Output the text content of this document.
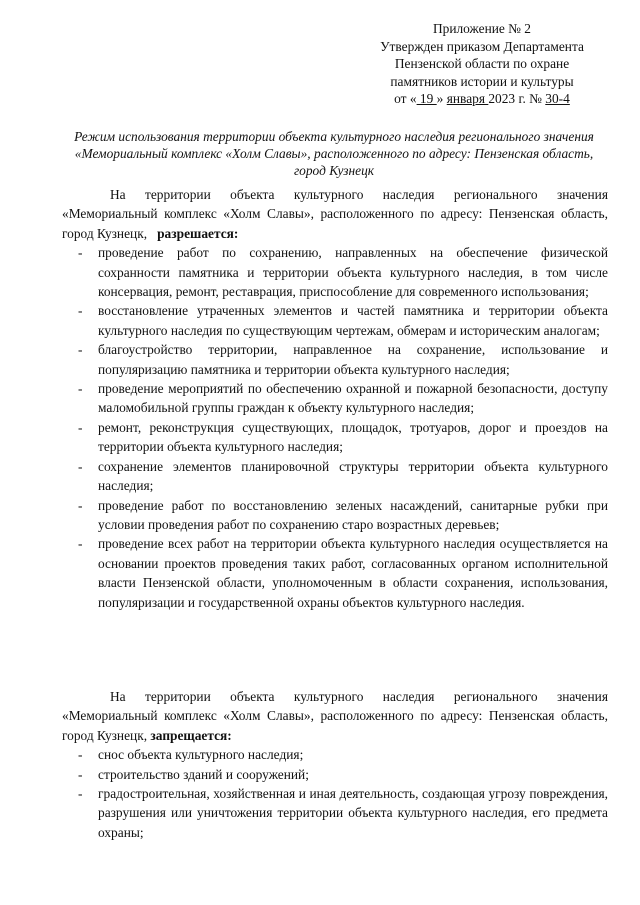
Приложение № 2
Утвержден приказом Департамента
Пензенской области по охране
памятников истории и культуры
от « 19 » января 2023 г. № 30-4
Режим использования территории объекта культурного наследия регионального значения «Мемориальный комплекс «Холм Славы», расположенного по адресу: Пензенская область, город Кузнецк

На территории объекта культурного наследия регионального значения «Мемориальный комплекс «Холм Славы», расположенного по адресу: Пензенская область, город Кузнецк, разрешается:

- проведение работ по сохранению, направленных на обеспечение физической сохранности памятника и территории объекта культурного наследия, в том числе консервация, ремонт, реставрация, приспособление для современного использования;
- восстановление утраченных элементов и частей памятника и территории объекта культурного наследия по существующим чертежам, обмерам и историческим аналогам;
- благоустройство территории, направленное на сохранение, использование и популяризацию памятника и территории объекта культурного наследия;
- проведение мероприятий по обеспечению охранной и пожарной безопасности, доступу маломобильной группы граждан к объекту культурного наследия;
- ремонт, реконструкция существующих, площадок, тротуаров, дорог и проездов на территории объекта культурного наследия;
- сохранение элементов планировочной структуры территории объекта культурного наследия;
- проведение работ по восстановлению зеленых насаждений, санитарные рубки при условии проведения работ по сохранению старо возрастных деревьев;
- проведение всех работ на территории объекта культурного наследия осуществляется на основании проектов проведения таких работ, согласованных органом исполнительной власти Пензенской области, уполномоченным в области сохранения, использования, популяризации и государственной охраны объектов культурного наследия.

На территории объекта культурного наследия регионального значения «Мемориальный комплекс «Холм Славы», расположенного по адресу: Пензенская область, город Кузнецк, запрещается:

- снос объекта культурного наследия;
- строительство зданий и сооружений;
- градостроительная, хозяйственная и иная деятельность, создающая угрозу повреждения, разрушения или уничтожения территории объекта культурного наследия, его предмета охраны;
